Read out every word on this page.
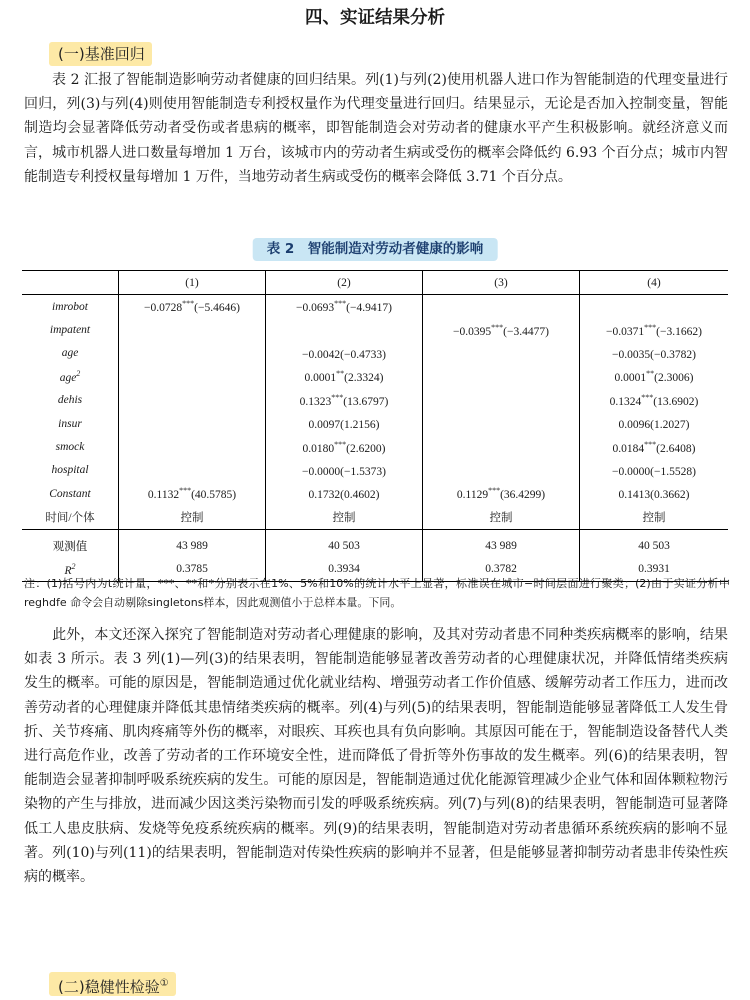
四、实证结果分析
(一)基准回归

表 2 汇报了智能制造影响劳动者健康的回归结果。列(1)与列(2)使用机器人进口作为智能制造的代理变量进行回归，列(3)与列(4)则使用智能制造专利授权量作为代理变量进行回归。结果显示，无论是否加入控制变量，智能制造均会显著降低劳动者受伤或者患病的概率，即智能制造会对劳动者的健康水平产生积极影响。就经济意义而言，城市机器人进口数量每增加 1 万台，该城市内的劳动者生病或受伤的概率会降低约 6.93 个百分点；城市内智能制造专利授权量每增加 1 万件，当地劳动者生病或受伤的概率会降低 3.71 个百分点。

表 2　智能制造对劳动者健康的影响
	(1)	(2)	(3)	(4)
imrobot	−0.0728***(−5.4646)	−0.0693***(−4.9417)		
impatent			−0.0395***(−3.4477)	−0.0371***(−3.1662)
age		−0.0042(−0.4733)		−0.0035(−0.3782)
age$^2$		0.0001**(2.3324)		0.0001**(2.3006)
dehis		0.1323***(13.6797)		0.1324***(13.6902)
insur		0.0097(1.2156)		0.0096(1.2027)
smock		0.0180***(2.6200)		0.0184***(2.6408)
hospital		−0.0000(−1.5373)		−0.0000(−1.5528)
Constant	0.1132***(40.5785)	0.1732(0.4602)	0.1129***(36.4299)	0.1413(0.3662)
时间/个体	控制	控制	控制	控制
观测值	43 989	40 503	43 989	40 503
$R^2$	0.3785	0.3934	0.3782	0.3931
注：(1)括号内为t统计量，***、**和*分别表示在1%、5%和10%的统计水平上显著，标准误在城市−时间层面进行聚类；(2)由于实证分析中 reghdfe 命令会自动剔除singletons样本，因此观测值小于总样本量。下同。

此外，本文还深入探究了智能制造对劳动者心理健康的影响，及其对劳动者患不同种类疾病概率的影响，结果如表 3 所示。表 3 列(1)—列(3)的结果表明，智能制造能够显著改善劳动者的心理健康状况，并降低情绪类疾病发生的概率。可能的原因是，智能制造通过优化就业结构、增强劳动者工作价值感、缓解劳动者工作压力，进而改善劳动者的心理健康并降低其患情绪类疾病的概率。列(4)与列(5)的结果表明，智能制造能够显著降低工人发生骨折、关节疼痛、肌肉疼痛等外伤的概率，对眼疾、耳疾也具有负向影响。其原因可能在于，智能制造设备替代人类进行高危作业，改善了劳动者的工作环境安全性，进而降低了骨折等外伤事故的发生概率。列(6)的结果表明，智能制造会显著抑制呼吸系统疾病的发生。可能的原因是，智能制造通过优化能源管理减少企业气体和固体颗粒物污染物的产生与排放，进而减少因这类污染物而引发的呼吸系统疾病。列(7)与列(8)的结果表明，智能制造可显著降低工人患皮肤病、发烧等免疫系统疾病的概率。列(9)的结果表明，智能制造对劳动者患循环系统疾病的影响不显著。列(10)与列(11)的结果表明，智能制造对传染性疾病的影响并不显著，但是能够显著抑制劳动者患非传染性疾病的概率。

(二)稳健性检验①
